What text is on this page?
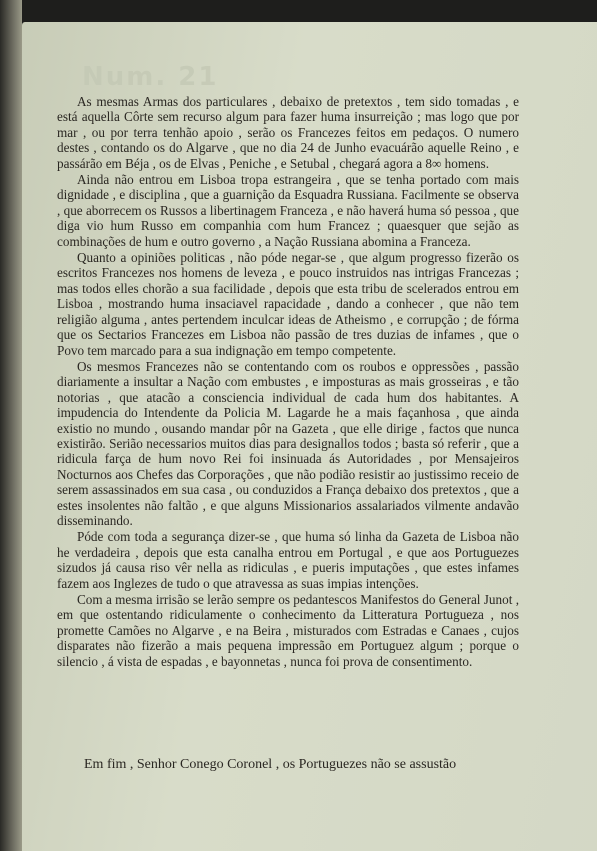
Num. 21

As mesmas Armas dos particulares , debaixo de pretextos , tem sido tomadas , e está aquella Côrte sem recurso algum para fazer huma insurreição ; mas logo que por mar , ou por terra tenhão apoio , serão os Francezes feitos em pedaços. O numero destes , contando os do Algarve , que no dia 24 de Junho evacuárão aquelle Reino , e passárão em Béja , os de Elvas , Peniche , e Setubal , chegará agora a 8∞ homens.

Ainda não entrou em Lisboa tropa estrangeira , que se tenha portado com mais dignidade , e disciplina , que a guarnição da Esquadra Russiana. Facilmente se observa , que aborrecem os Russos a libertinagem Franceza , e não haverá huma só pessoa , que diga vio hum Russo em companhia com hum Francez ; quaesquer que sejão as combinações de hum e outro governo , a Nação Russiana abomina a Franceza.

Quanto a opiniões politicas , não póde negar-se , que algum progresso fizerão os escritos Francezes nos homens de leveza , e pouco instruidos nas intrigas Francezas ; mas todos elles chorão a sua facilidade , depois que esta tribu de scelerados entrou em Lisboa , mostrando huma insaciavel rapacidade , dando a conhecer , que não tem religião alguma , antes pertendem inculcar ideas de Atheismo , e corrupção ; de fórma que os Sectarios Francezes em Lisboa não passão de tres duzias de infames , que o Povo tem marcado para a sua indignação em tempo competente.

Os mesmos Francezes não se contentando com os roubos e oppressões , passão diariamente a insultar a Nação com embustes , e imposturas as mais grosseiras , e tão notorias , que atacão a consciencia individual de cada hum dos habitantes. A impudencia do Intendente da Policia M. Lagarde he a mais façanhosa , que ainda existio no mundo , ousando mandar pôr na Gazeta , que elle dirige , factos que nunca existirão. Serião necessarios muitos dias para designallos todos ; basta só referir , que a ridicula farça de hum novo Rei foi insinuada ás Autoridades , por Mensajeiros Nocturnos aos Chefes das Corporações , que não podião resistir ao justissimo receio de serem assassinados em sua casa , ou conduzidos a França debaixo dos pretextos , que a estes insolentes não faltão , e que alguns Missionarios assalariados vilmente andavão disseminando.

Póde com toda a segurança dizer-se , que huma só linha da Gazeta de Lisboa não he verdadeira , depois que esta canalha entrou em Portugal , e que aos Portuguezes sizudos já causa riso vêr nella as ridiculas , e pueris imputações , que estes infames fazem aos Inglezes de tudo o que atravessa as suas impias intenções.

Com a mesma irrisão se lerão sempre os pedantescos Manifestos do General Junot , em que ostentando ridiculamente o conhecimento da Litteratura Portugueza , nos promette Camões no Algarve , e na Beira , misturados com Estradas e Canaes , cujos disparates não fizerão a mais pequena impressão em Portuguez algum ; porque o silencio , á vista de espadas , e bayonnetas , nunca foi prova de consentimento.

Em fim , Senhor Conego Coronel , os Portuguezes não se assustão
